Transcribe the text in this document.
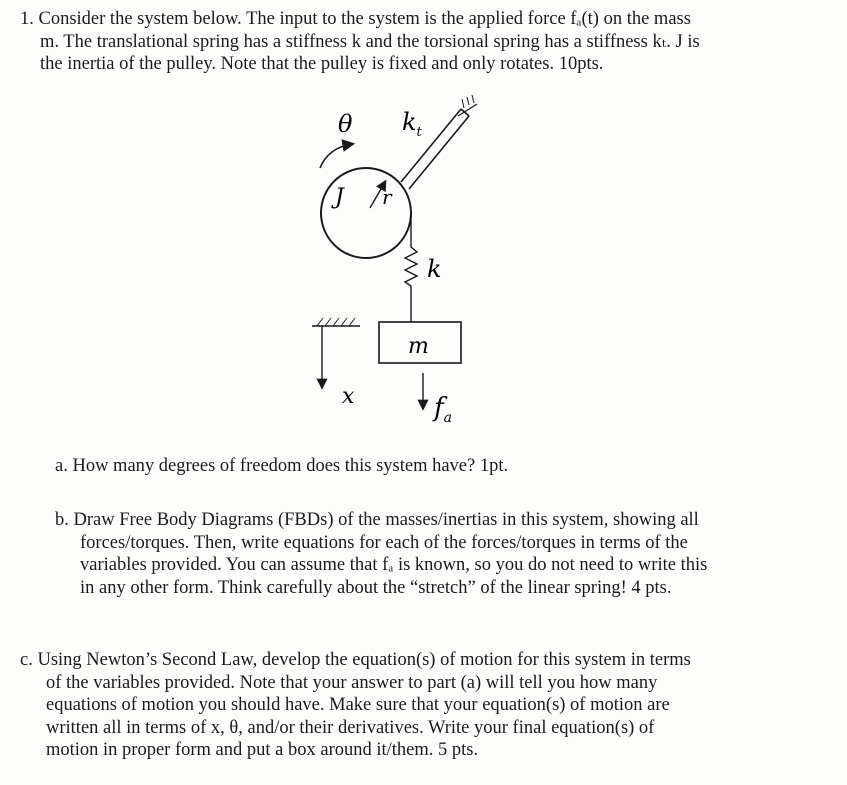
1. Consider the system below. The input to the system is the applied force fₐ(t) on the mass
m. The translational spring has a stiffness k and the torsional spring has a stiffness kₜ. J is
the inertia of the pulley. Note that the pulley is fixed and only rotates. 10pts.

θ $k_t$
J r
k
m
x	$f_a$

a. How many degrees of freedom does this system have? 1pt.

b. Draw Free Body Diagrams (FBDs) of the masses/inertias in this system, showing all
forces/torques. Then, write equations for each of the forces/torques in terms of the
variables provided. You can assume that fₐ is known, so you do not need to write this
in any other form. Think carefully about the “stretch” of the linear spring! 4 pts.

c. Using Newton’s Second Law, develop the equation(s) of motion for this system in terms
of the variables provided. Note that your answer to part (a) will tell you how many
equations of motion you should have. Make sure that your equation(s) of motion are
written all in terms of x, θ, and/or their derivatives. Write your final equation(s) of
motion in proper form and put a box around it/them. 5 pts.
